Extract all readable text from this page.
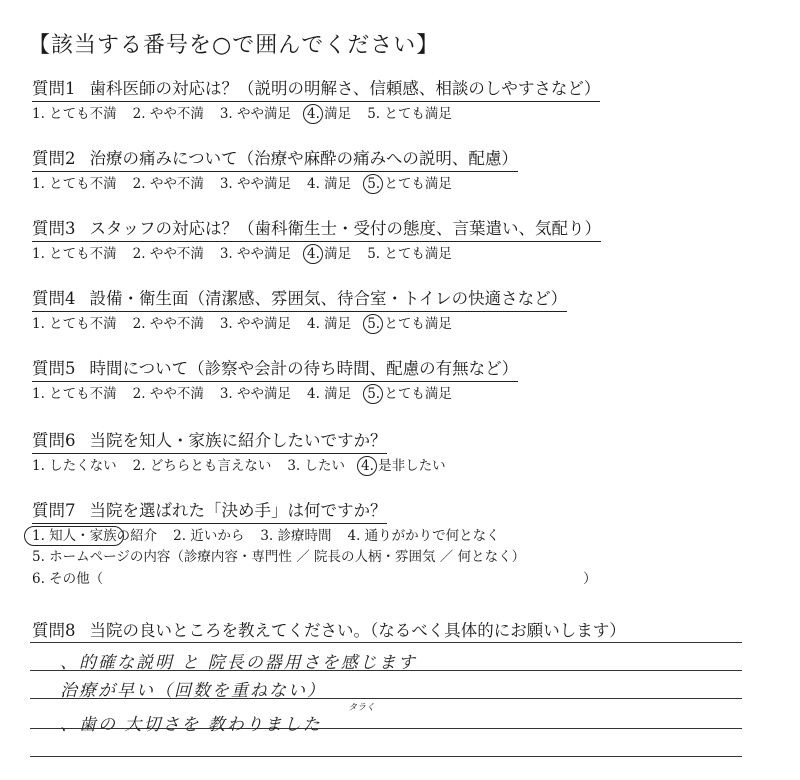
【該当する番号を○で囲んでください】
質問1 歯科医師の対応は？（説明の明解さ、信頼感、相談のしやすさなど）
1. とても不満 2. やや不満 3. やや満足 4. 満足 5. とても満足
質問2 治療の痛みについて（治療や麻酔の痛みへの説明、配慮）
1. とても不満 2. やや不満 3. やや満足 4. 満足 5. とても満足
質問3 スタッフの対応は？（歯科衛生士・受付の態度、言葉遣い、気配り）
1. とても不満 2. やや不満 3. やや満足 4. 満足 5. とても満足
質問4 設備・衛生面（清潔感、雰囲気、待合室・トイレの快適さなど）
1. とても不満 2. やや不満 3. やや満足 4. 満足 5. とても満足
質問5 時間について（診察や会計の待ち時間、配慮の有無など）
1. とても不満 2. やや不満 3. やや満足 4. 満足 5. とても満足
質問6 当院を知人・家族に紹介したいですか？
1. したくない 2. どちらとも言えない 3. したい 4. 是非したい
質問7 当院を選ばれた「決め手」は何ですか？
1. 知人・家族の紹介 2. 近いから 3. 診療時間 4. 通りがかりで何となく
5. ホームページの内容（診療内容・専門性 ／ 院長の人柄・雰囲気 ／ 何となく）
6. その他（	）
質問8 当院の良いところを教えてください。（なるべく具体的にお願いします）
、的確な説明 と 院長の器用さを感じます
治療が早い（回数を重ねない）
タラく
、歯の 大切さを 教わりました
